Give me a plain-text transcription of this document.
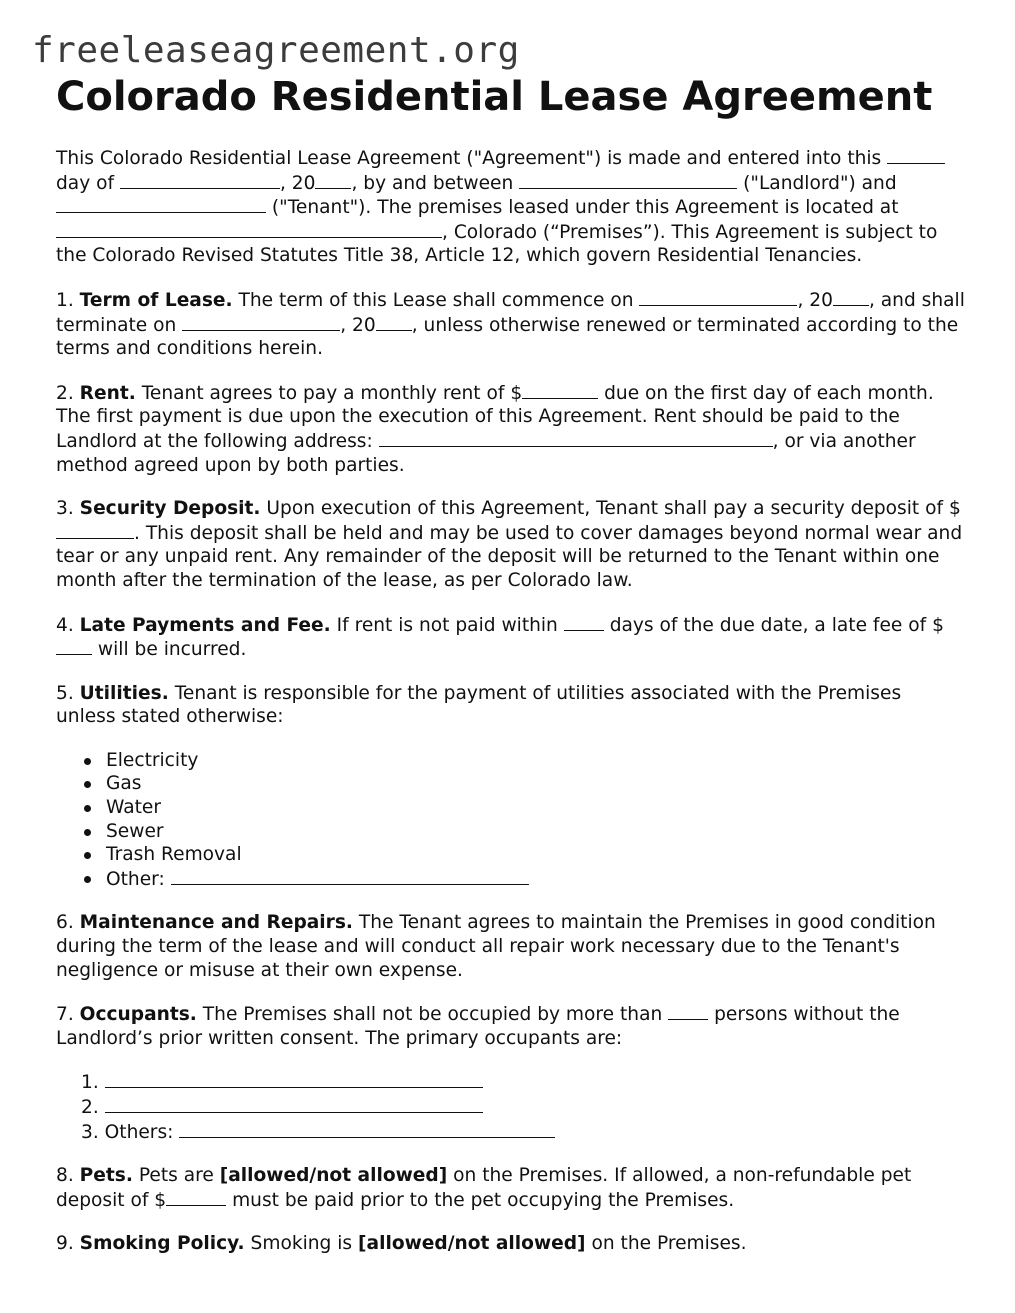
freeleaseagreement.org
Colorado Residential Lease Agreement

This Colorado Residential Lease Agreement ("Agreement") is made and entered into this  day of	, 20 , by and between	("Landlord") and  ("Tenant"). The premises leased under this Agreement is located at , Colorado (“Premises”). This Agreement is subject to the Colorado Revised Statutes Title 38, Article 12, which govern Residential Tenancies.

1. Term of Lease. The term of this Lease shall commence on	, 20 , and shall terminate on	, 20 , unless otherwise renewed or terminated according to the terms and conditions herein.

2. Rent. Tenant agrees to pay a monthly rent of $	due on the first day of each month. The first payment is due upon the execution of this Agreement. Rent should be paid to the Landlord at the following address:	, or via another method agreed upon by both parties.

3. Security Deposit. Upon execution of this Agreement, Tenant shall pay a security deposit of $. This deposit shall be held and may be used to cover damages beyond normal wear and tear or any unpaid rent. Any remainder of the deposit will be returned to the Tenant within one month after the termination of the lease, as per Colorado law.

4. Late Payments and Fee. If rent is not paid within	days of the due date, a late fee of $ will be incurred.

5. Utilities. Tenant is responsible for the payment of utilities associated with the Premises unless stated otherwise:

Electricity
Gas
Water
Sewer
Trash Removal
Other:

6. Maintenance and Repairs. The Tenant agrees to maintain the Premises in good condition during the term of the lease and will conduct all repair work necessary due to the Tenant's negligence or misuse at their own expense.

7. Occupants. The Premises shall not be occupied by more than	persons without the Landlord’s prior written consent. The primary occupants are:

1.
2.
3. Others:

8. Pets. Pets are [allowed/not allowed] on the Premises. If allowed, a non-refundable pet deposit of $	must be paid prior to the pet occupying the Premises.

9. Smoking Policy. Smoking is [allowed/not allowed] on the Premises.
